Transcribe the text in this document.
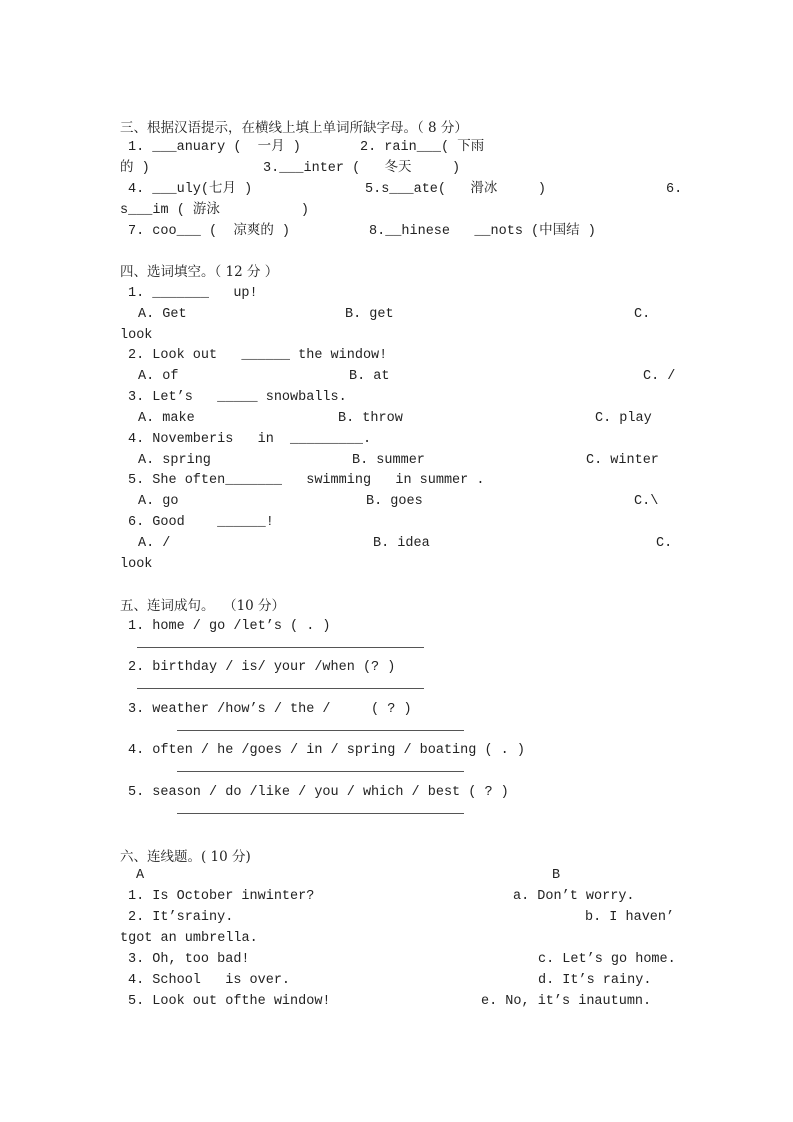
三、根据汉语提示，在横线上填上单词所缺字母。（ 8 分）
1. ___anuary (  一月 )	2. rain___( 下雨
的 )	3.___inter (   冬天     )
4. ___uly(七月 )	5.s___ate(   滑冰     )	6.
s___im ( 游泳          )
7. coo___ (  凉爽的 )	8.__hinese   __nots (中国结 )
四、选词填空。（ 12 分 ）
1. _______   up!
A. Get	B. get	C.
look
2. Look out   ______ the window!
A. of	B. at	C. /
3. Let’s   _____ snowballs.
A. make	B. throw	C. play
4. Novemberis   in  _________.
A. spring	B. summer	C. winter
5. She often_______   swimming   in summer .
A. go	B. goes	C.\
6. Good    ______!
A. /	B. idea	C.
look
五、连词成句。  （10 分）
1. home / go /let’s ( . )
2. birthday / is/ your /when (? )
3. weather /how’s / the /     ( ? )
4. often / he /goes / in / spring / boating ( . )
5. season / do /like / you / which / best ( ? )
六、连线题。( 10 分)
A	B
1. Is October inwinter?	a. Don’t worry.
2. It’srainy.	b. I haven’
tgot an umbrella.
3. Oh, too bad!	c. Let’s go home.
4. School   is over.	d. It’s rainy.
5. Look out ofthe window!	e. No, it’s inautumn.
